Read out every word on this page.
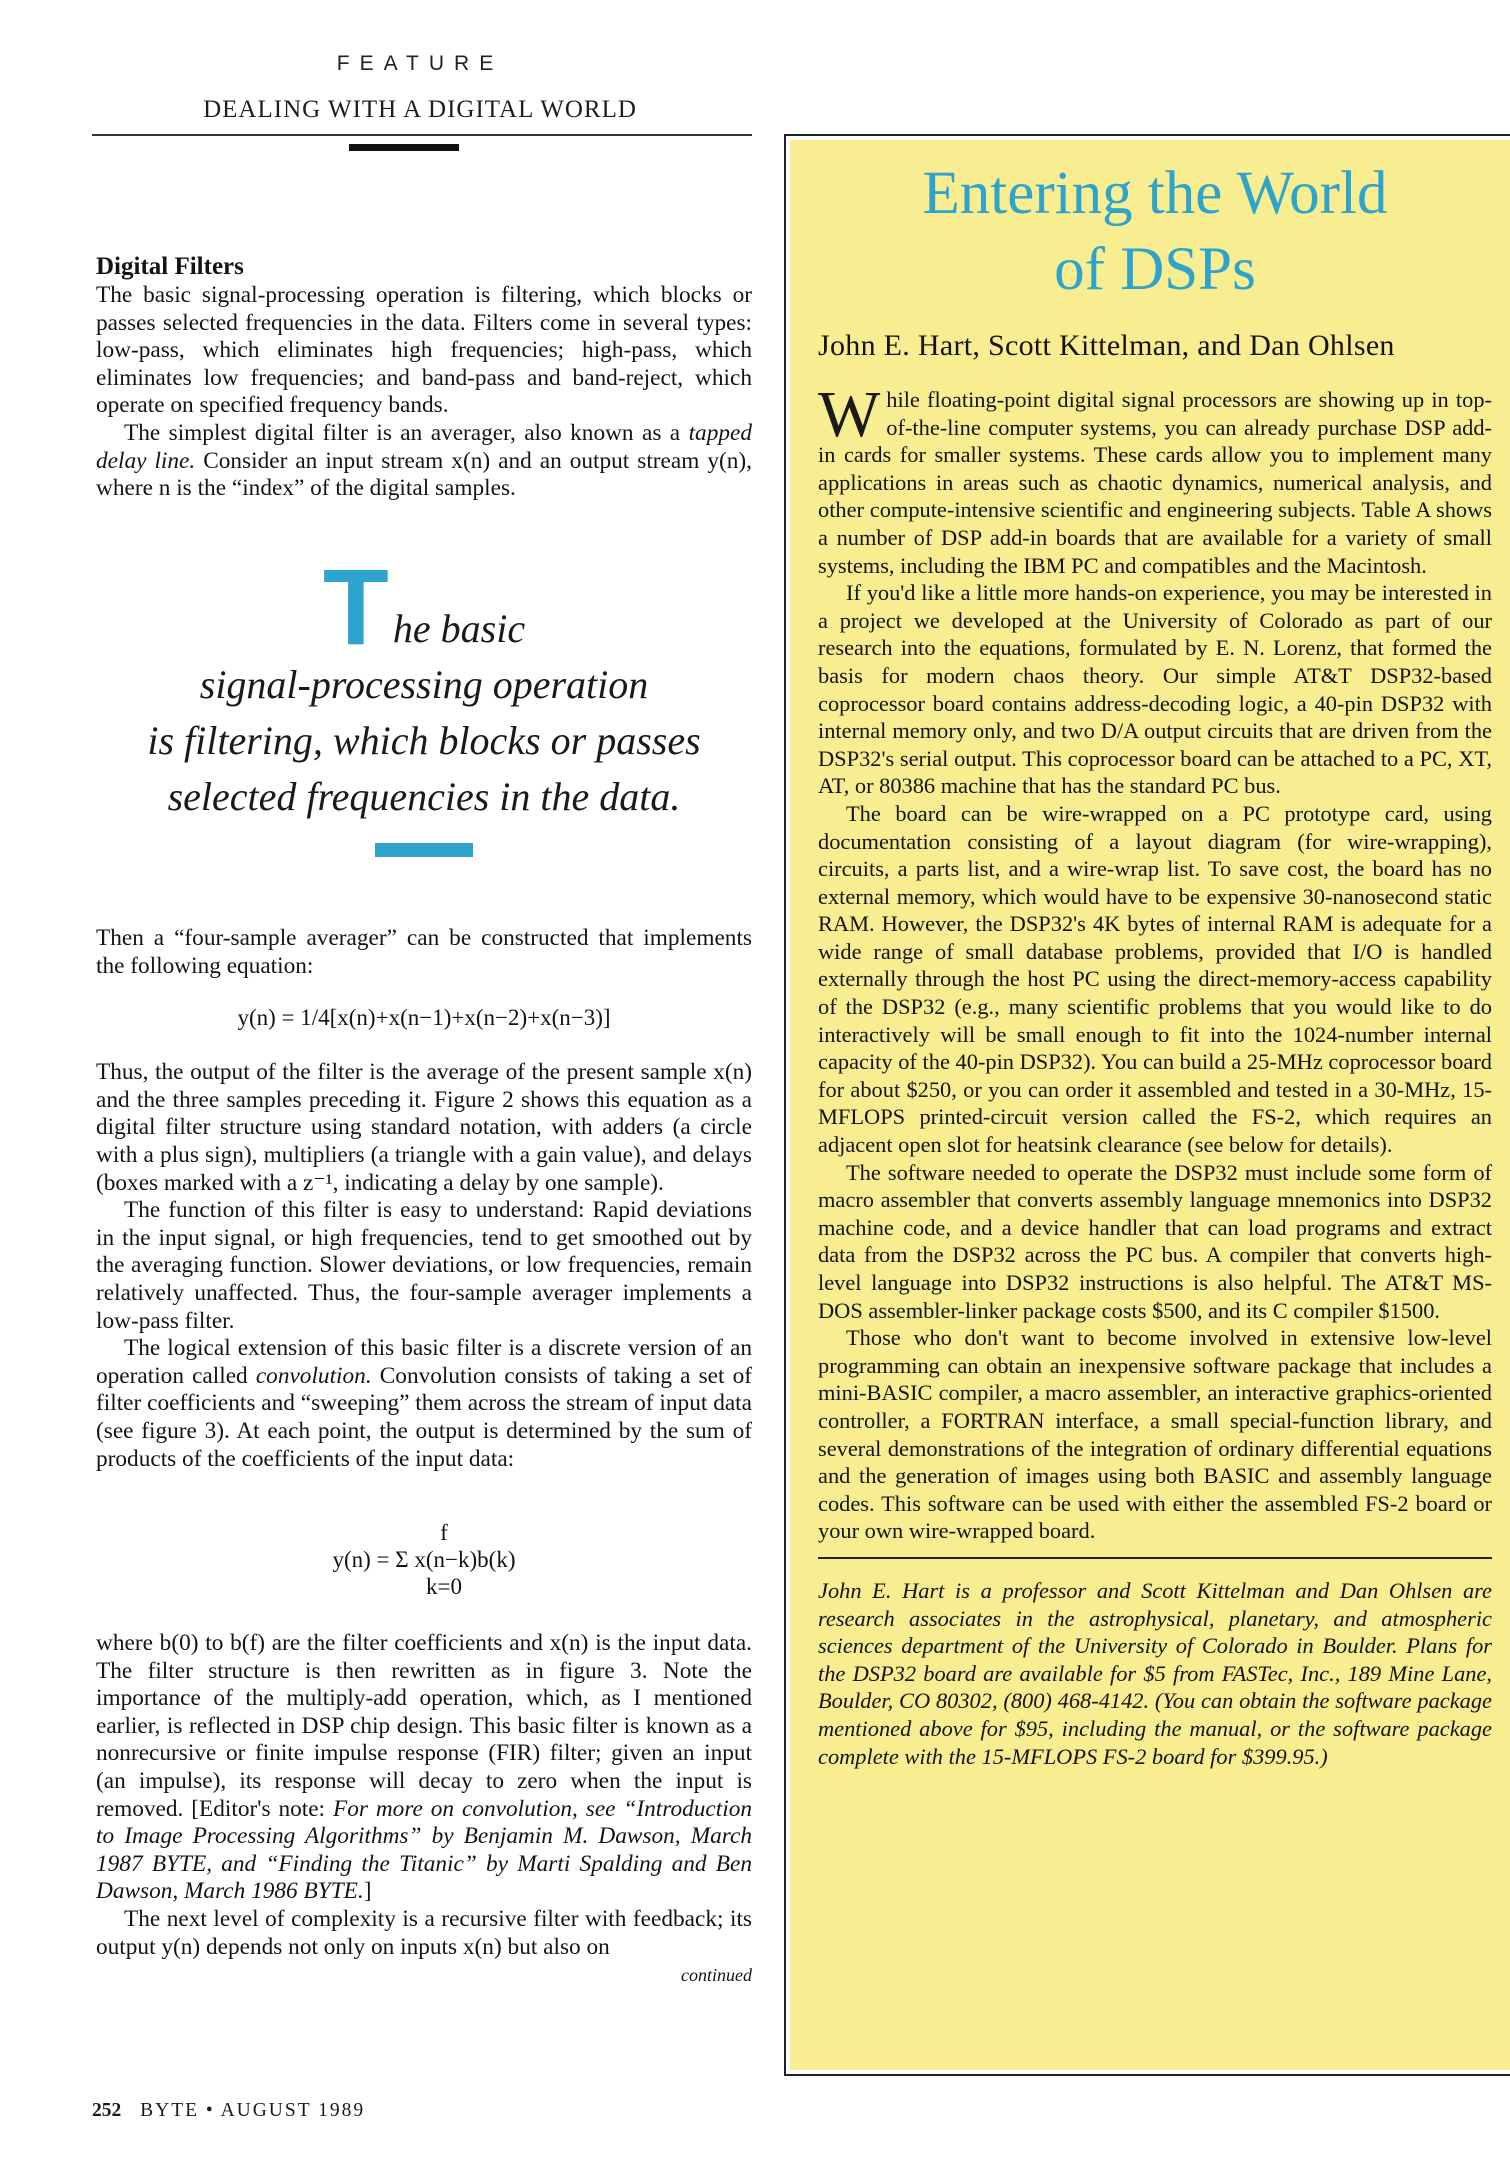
FEATURE
DEALING WITH A DIGITAL WORLD
Digital Filters

The basic signal-processing operation is filtering, which blocks or passes selected frequencies in the data. Filters come in several types: low-pass, which eliminates high frequencies; high-pass, which eliminates low frequencies; and band-pass and band-reject, which operate on specified frequency bands.

The simplest digital filter is an averager, also known as a tapped delay line. Consider an input stream x(n) and an output stream y(n), where n is the “index” of the digital samples.

The basic
signal-processing operation
is filtering, which blocks or passes
selected frequencies in the data.

Then a “four-sample averager” can be constructed that implements the following equation:

y(n) = 1/4[x(n)+x(n−1)+x(n−2)+x(n−3)]

Thus, the output of the filter is the average of the present sample x(n) and the three samples preceding it. Figure 2 shows this equation as a digital filter structure using standard notation, with adders (a circle with a plus sign), multipliers (a triangle with a gain value), and delays (boxes marked with a z⁻¹, indicating a delay by one sample).

The function of this filter is easy to understand: Rapid deviations in the input signal, or high frequencies, tend to get smoothed out by the averaging function. Slower deviations, or low frequencies, remain relatively unaffected. Thus, the four-sample averager implements a low-pass filter.

The logical extension of this basic filter is a discrete version of an operation called convolution. Convolution consists of taking a set of filter coefficients and “sweeping” them across the stream of input data (see figure 3). At each point, the output is determined by the sum of products of the coefficients of the input data:

f
y(n) = Σ x(n−k)b(k)
k=0

where b(0) to b(f) are the filter coefficients and x(n) is the input data. The filter structure is then rewritten as in figure 3. Note the importance of the multiply-add operation, which, as I mentioned earlier, is reflected in DSP chip design. This basic filter is known as a nonrecursive or finite impulse response (FIR) filter; given an input (an impulse), its response will decay to zero when the input is removed. [Editor's note: For more on convolution, see “Introduction to Image Processing Algorithms” by Benjamin M. Dawson, March 1987 BYTE, and “Finding the Titanic” by Marti Spalding and Ben Dawson, March 1986 BYTE.]

The next level of complexity is a recursive filter with feedback; its output y(n) depends not only on inputs x(n) but also on

continued
Entering the World
of DSPs
John E. Hart, Scott Kittelman, and Dan Ohlsen

While floating-point digital signal processors are showing up in top-of-the-line computer systems, you can already purchase DSP add-in cards for smaller systems. These cards allow you to implement many applications in areas such as chaotic dynamics, numerical analysis, and other compute-intensive scientific and engineering subjects. Table A shows a number of DSP add-in boards that are available for a variety of small systems, including the IBM PC and compatibles and the Macintosh.

If you'd like a little more hands-on experience, you may be interested in a project we developed at the University of Colorado as part of our research into the equations, formulated by E. N. Lorenz, that formed the basis for modern chaos theory. Our simple AT&T DSP32-based coprocessor board contains address-decoding logic, a 40-pin DSP32 with internal memory only, and two D/A output circuits that are driven from the DSP32's serial output. This coprocessor board can be attached to a PC, XT, AT, or 80386 machine that has the standard PC bus.

The board can be wire-wrapped on a PC prototype card, using documentation consisting of a layout diagram (for wire-wrapping), circuits, a parts list, and a wire-wrap list. To save cost, the board has no external memory, which would have to be expensive 30-nanosecond static RAM. However, the DSP32's 4K bytes of internal RAM is adequate for a wide range of small database problems, provided that I/O is handled externally through the host PC using the direct-memory-access capability of the DSP32 (e.g., many scientific problems that you would like to do interactively will be small enough to fit into the 1024-number internal capacity of the 40-pin DSP32). You can build a 25-MHz coprocessor board for about $250, or you can order it assembled and tested in a 30-MHz, 15-MFLOPS printed-circuit version called the FS-2, which requires an adjacent open slot for heatsink clearance (see below for details).

The software needed to operate the DSP32 must include some form of macro assembler that converts assembly language mnemonics into DSP32 machine code, and a device handler that can load programs and extract data from the DSP32 across the PC bus. A compiler that converts high-level language into DSP32 instructions is also helpful. The AT&T MS-DOS assembler-linker package costs $500, and its C compiler $1500.

Those who don't want to become involved in extensive low-level programming can obtain an inexpensive software package that includes a mini-BASIC compiler, a macro assembler, an interactive graphics-oriented controller, a FORTRAN interface, a small special-function library, and several demonstrations of the integration of ordinary differential equations and the generation of images using both BASIC and assembly language codes. This software can be used with either the assembled FS-2 board or your own wire-wrapped board.

John E. Hart is a professor and Scott Kittelman and Dan Ohlsen are research associates in the astrophysical, planetary, and atmospheric sciences department of the University of Colorado in Boulder. Plans for the DSP32 board are available for $5 from FASTec, Inc., 189 Mine Lane, Boulder, CO 80302, (800) 468-4142. (You can obtain the software package mentioned above for $95, including the manual, or the software package complete with the 15-MFLOPS FS-2 board for $399.95.)

252 BYTE • AUGUST 1989
